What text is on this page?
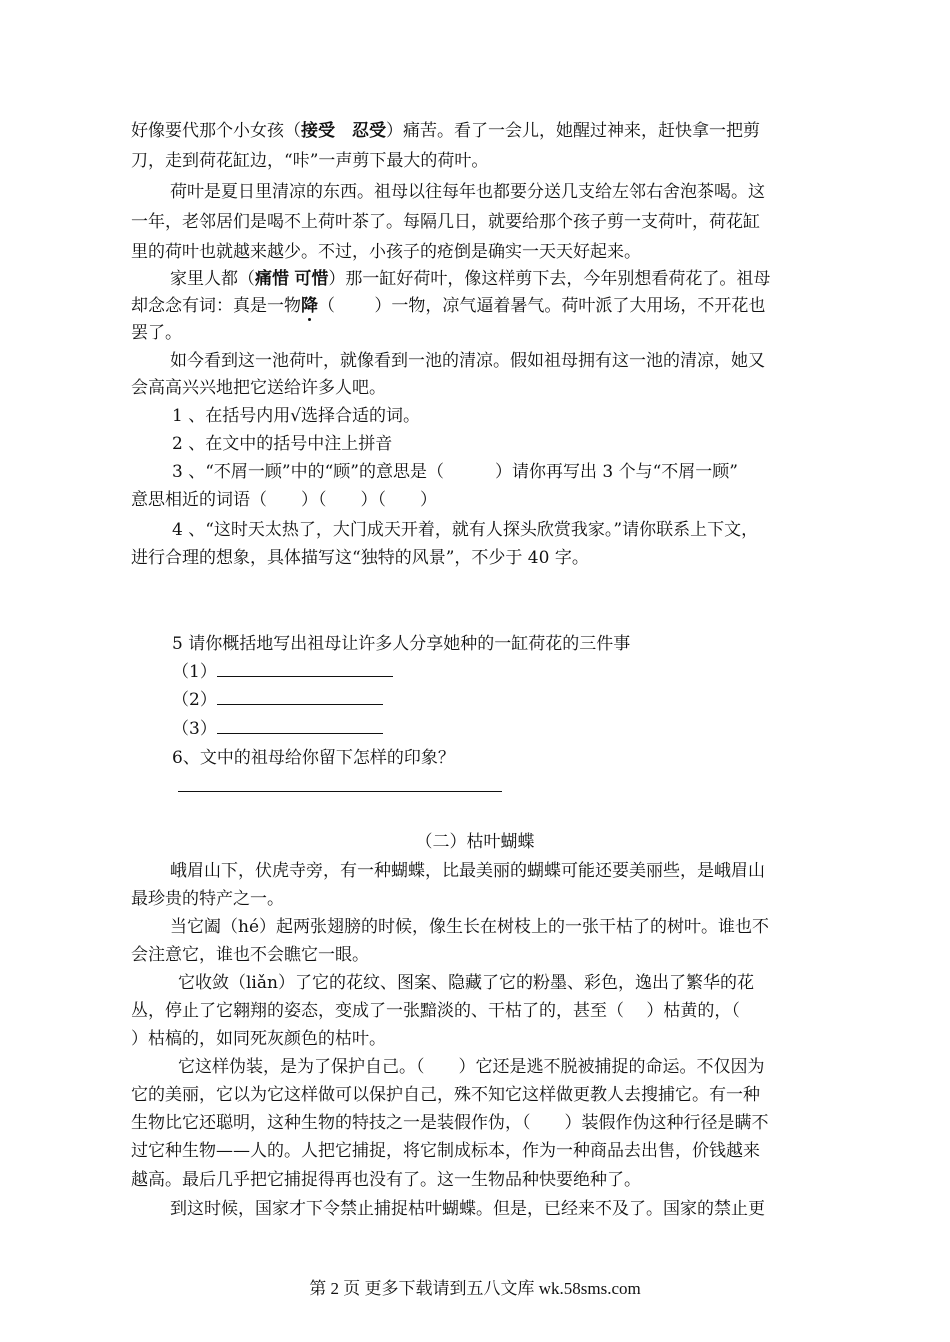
好像要代那个小女孩（接受　 忍受）痛苦。看了一会儿，她醒过神来，赶快拿一把剪
刀，走到荷花缸边，“咔”一声剪下最大的荷叶。
荷叶是夏日里清凉的东西。祖母以往每年也都要分送几支给左邻右舍泡茶喝。这
一年，老邻居们是喝不上荷叶茶了。每隔几日，就要给那个孩子剪一支荷叶，荷花缸
里的荷叶也就越来越少。不过，小孩子的疮倒是确实一天天好起来。
家里人都（痛惜 可惜）那一缸好荷叶，像这样剪下去，今年别想看荷花了。祖母
却念念有词：真是一物降（　　 ）一物，凉气逼着暑气。荷叶派了大用场，不开花也
罢了。
如今看到这一池荷叶，就像看到一池的清凉。假如祖母拥有这一池的清凉，她又
会高高兴兴地把它送给许多人吧。
1 、在括号内用√选择合适的词。
2 、在文中的括号中注上拼音
3 、“不屑一顾”中的“顾”的意思是（　　　）请你再写出 3 个与“不屑一顾”
意思相近的词语（　　）（　　）（　　）
4 、“这时天太热了，大门成天开着，就有人探头欣赏我家。”请你联系上下文，
进行合理的想象，具体描写这“独特的风景”，不少于 40 字。
5 请你概括地写出祖母让许多人分享她种的一缸荷花的三件事
（1）
（2）
（3）
6、文中的祖母给你留下怎样的印象？
（二）枯叶蝴蝶
峨眉山下，伏虎寺旁，有一种蝴蝶，比最美丽的蝴蝶可能还要美丽些，是峨眉山
最珍贵的特产之一。
当它阖（hé）起两张翅膀的时候，像生长在树枝上的一张干枯了的树叶。谁也不
会注意它，谁也不会瞧它一眼。
它收敛（liǎn）了它的花纹、图案、隐藏了它的粉墨、彩色，逸出了繁华的花
丛，停止了它翱翔的姿态，变成了一张黯淡的、干枯了的，甚至（　 ）枯黄的，（
）枯槁的，如同死灰颜色的枯叶。
它这样伪装，是为了保护自己。（　　）它还是逃不脱被捕捉的命运。不仅因为
它的美丽，它以为它这样做可以保护自己，殊不知它这样做更教人去搜捕它。有一种
生物比它还聪明，这种生物的特技之一是装假作伪，（　　）装假作伪这种行径是瞒不
过它种生物——人的。人把它捕捉，将它制成标本，作为一种商品去出售，价钱越来
越高。最后几乎把它捕捉得再也没有了。这一生物品种快要绝种了。
到这时候，国家才下令禁止捕捉枯叶蝴蝶。但是，已经来不及了。国家的禁止更
第 2 页 更多下载请到五八文库 wk.58sms.com
